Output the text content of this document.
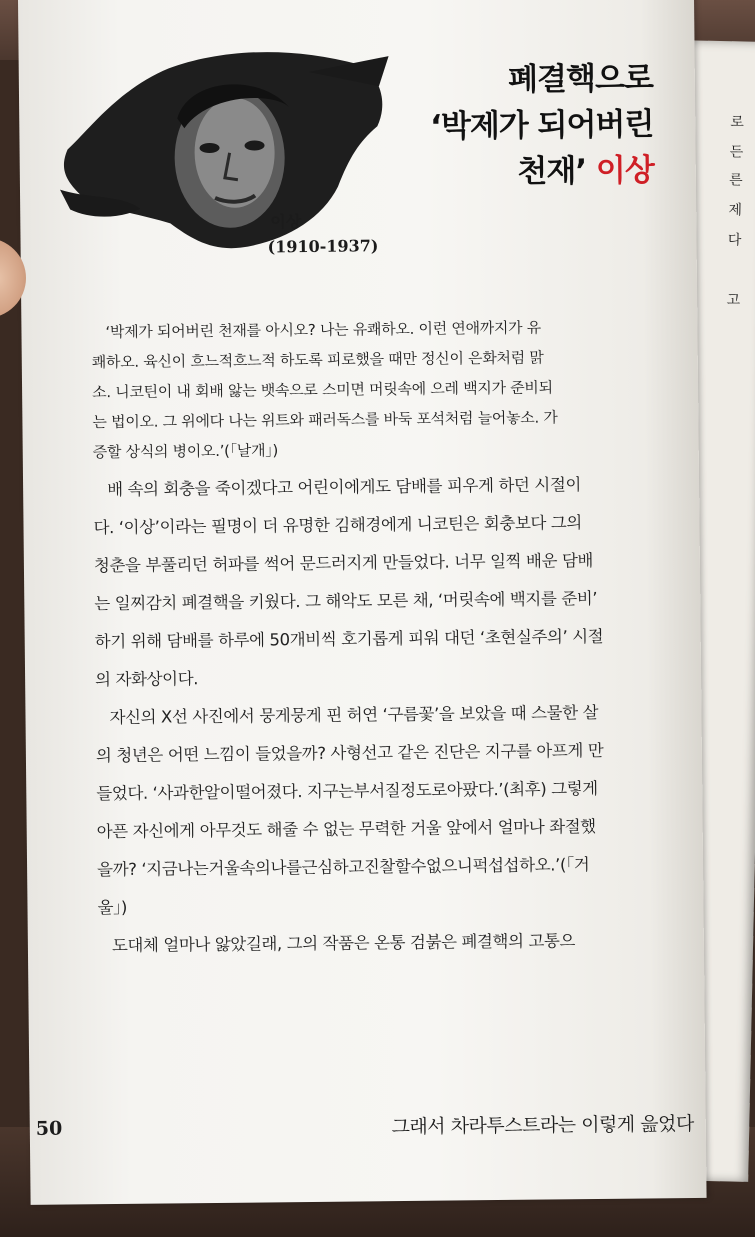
로
든
른
제
다
고
이상
(1910-1937)
폐결핵으로
‘박제가 되어버린
천재’ 이상
‘박제가 되어버린 천재를 아시오? 나는 유쾌하오. 이런 연애까지가 유
쾌하오. 육신이 흐느적흐느적 하도록 피로했을 때만 정신이 은화처럼 맑
소. 니코틴이 내 회배 앓는 뱃속으로 스미면 머릿속에 으레 백지가 준비되
는 법이오. 그 위에다 나는 위트와 패러독스를 바둑 포석처럼 늘어놓소. 가
증할 상식의 병이오.’(「날개」)
배 속의 회충을 죽이겠다고 어린이에게도 담배를 피우게 하던 시절이
다. ‘이상’이라는 필명이 더 유명한 김해경에게 니코틴은 회충보다 그의
청춘을 부풀리던 허파를 썩어 문드러지게 만들었다. 너무 일찍 배운 담배
는 일찌감치 폐결핵을 키웠다. 그 해악도 모른 채, ‘머릿속에 백지를 준비’
하기 위해 담배를 하루에 50개비씩 호기롭게 피워 대던 ‘초현실주의’ 시절
의 자화상이다.
자신의 X선 사진에서 뭉게뭉게 핀 허연 ‘구름꽃’을 보았을 때 스물한 살
의 청년은 어떤 느낌이 들었을까? 사형선고 같은 진단은 지구를 아프게 만
들었다. ‘사과한알이떨어졌다. 지구는부서질정도로아팠다.’(최후) 그렇게
아픈 자신에게 아무것도 해줄 수 없는 무력한 거울 앞에서 얼마나 좌절했
을까? ‘지금나는거울속의나를근심하고진찰할수없으니퍽섭섭하오.’(「거
울」)
도대체 얼마나 앓았길래, 그의 작품은 온통 검붉은 폐결핵의 고통으
50	그래서 차라투스트라는 이렇게 읊었다
